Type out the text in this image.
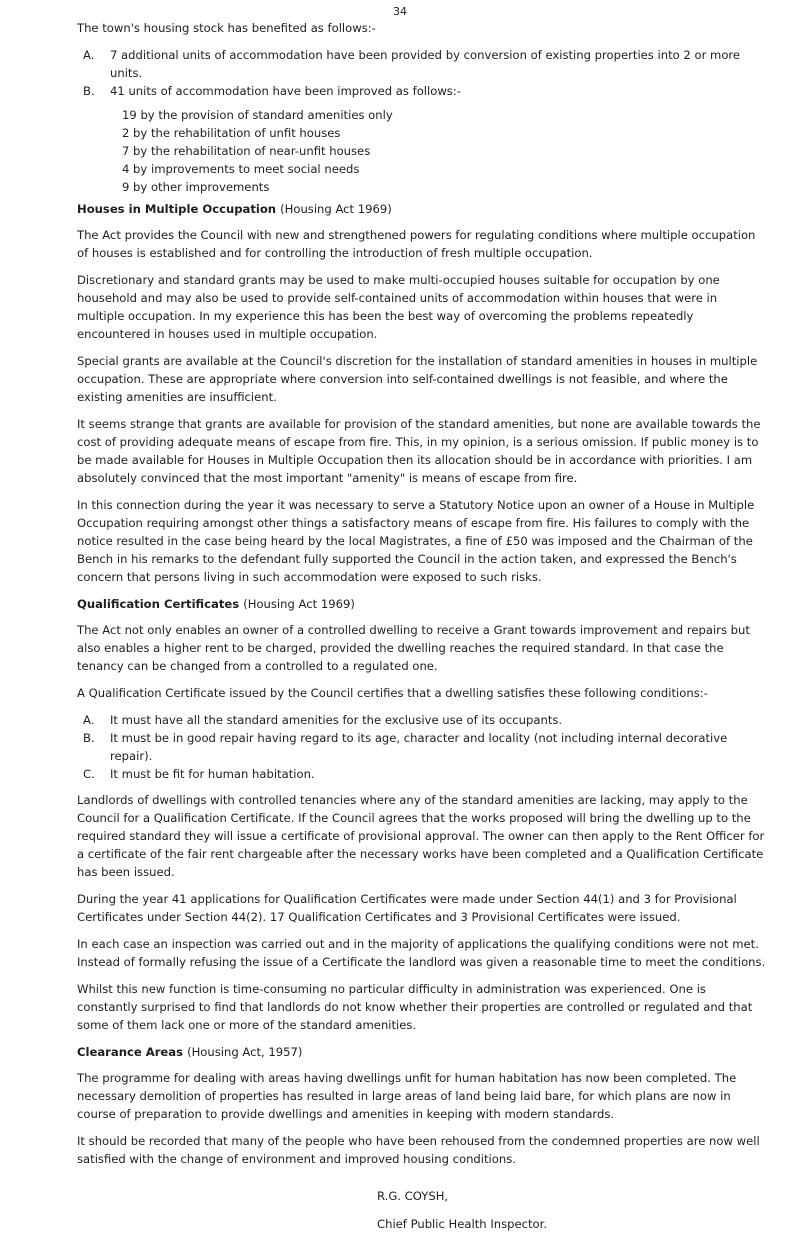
34

The town's housing stock has benefited as follows:-

A.	7 additional units of accommodation have been provided by conversion of existing properties into 2 or more units.
B.	41 units of accommodation have been improved as follows:-
19 by the provision of standard amenities only
2 by the rehabilitation of unfit houses
7 by the rehabilitation of near-unfit houses
4 by improvements to meet social needs
9 by other improvements
Houses in Multiple Occupation (Housing Act 1969)

The Act provides the Council with new and strengthened powers for regulating conditions where multiple occupation of houses is established and for controlling the introduction of fresh multiple occupation.

Discretionary and standard grants may be used to make multi-occupied houses suitable for occupation by one household and may also be used to provide self-contained units of accommodation within houses that were in multiple occupation. In my experience this has been the best way of overcoming the problems repeatedly encountered in houses used in multiple occupation.

Special grants are available at the Council's discretion for the installation of standard amenities in houses in multiple occupation. These are appropriate where conversion into self-contained dwellings is not feasible, and where the existing amenities are insufficient.

It seems strange that grants are available for provision of the standard amenities, but none are available towards the cost of providing adequate means of escape from fire. This, in my opinion, is a serious omission. If public money is to be made available for Houses in Multiple Occupation then its allocation should be in accordance with priorities. I am absolutely convinced that the most important "amenity" is means of escape from fire.

In this connection during the year it was necessary to serve a Statutory Notice upon an owner of a House in Multiple Occupation requiring amongst other things a satisfactory means of escape from fire. His failures to comply with the notice resulted in the case being heard by the local Magistrates, a fine of £50 was imposed and the Chairman of the Bench in his remarks to the defendant fully supported the Council in the action taken, and expressed the Bench's concern that persons living in such accommodation were exposed to such risks.

Qualification Certificates (Housing Act 1969)

The Act not only enables an owner of a controlled dwelling to receive a Grant towards improvement and repairs but also enables a higher rent to be charged, provided the dwelling reaches the required standard. In that case the tenancy can be changed from a controlled to a regulated one.

A Qualification Certificate issued by the Council certifies that a dwelling satisfies these following conditions:-

A.	It must have all the standard amenities for the exclusive use of its occupants.
B.	It must be in good repair having regard to its age, character and locality (not including internal decorative repair).
C.	It must be fit for human habitation.

Landlords of dwellings with controlled tenancies where any of the standard amenities are lacking, may apply to the Council for a Qualification Certificate. If the Council agrees that the works proposed will bring the dwelling up to the required standard they will issue a certificate of provisional approval. The owner can then apply to the Rent Officer for a certificate of the fair rent chargeable after the necessary works have been completed and a Qualification Certificate has been issued.

During the year 41 applications for Qualification Certificates were made under Section 44(1) and 3 for Provisional Certificates under Section 44(2). 17 Qualification Certificates and 3 Provisional Certificates were issued.

In each case an inspection was carried out and in the majority of applications the qualifying conditions were not met. Instead of formally refusing the issue of a Certificate the landlord was given a reasonable time to meet the conditions.

Whilst this new function is time-consuming no particular difficulty in administration was experienced. One is constantly surprised to find that landlords do not know whether their properties are controlled or regulated and that some of them lack one or more of the standard amenities.

Clearance Areas (Housing Act, 1957)

The programme for dealing with areas having dwellings unfit for human habitation has now been completed. The necessary demolition of properties has resulted in large areas of land being laid bare, for which plans are now in course of preparation to provide dwellings and amenities in keeping with modern standards.

It should be recorded that many of the people who have been rehoused from the condemned properties are now well satisfied with the change of environment and improved housing conditions.

R.G. COYSH,
Chief Public Health Inspector.
